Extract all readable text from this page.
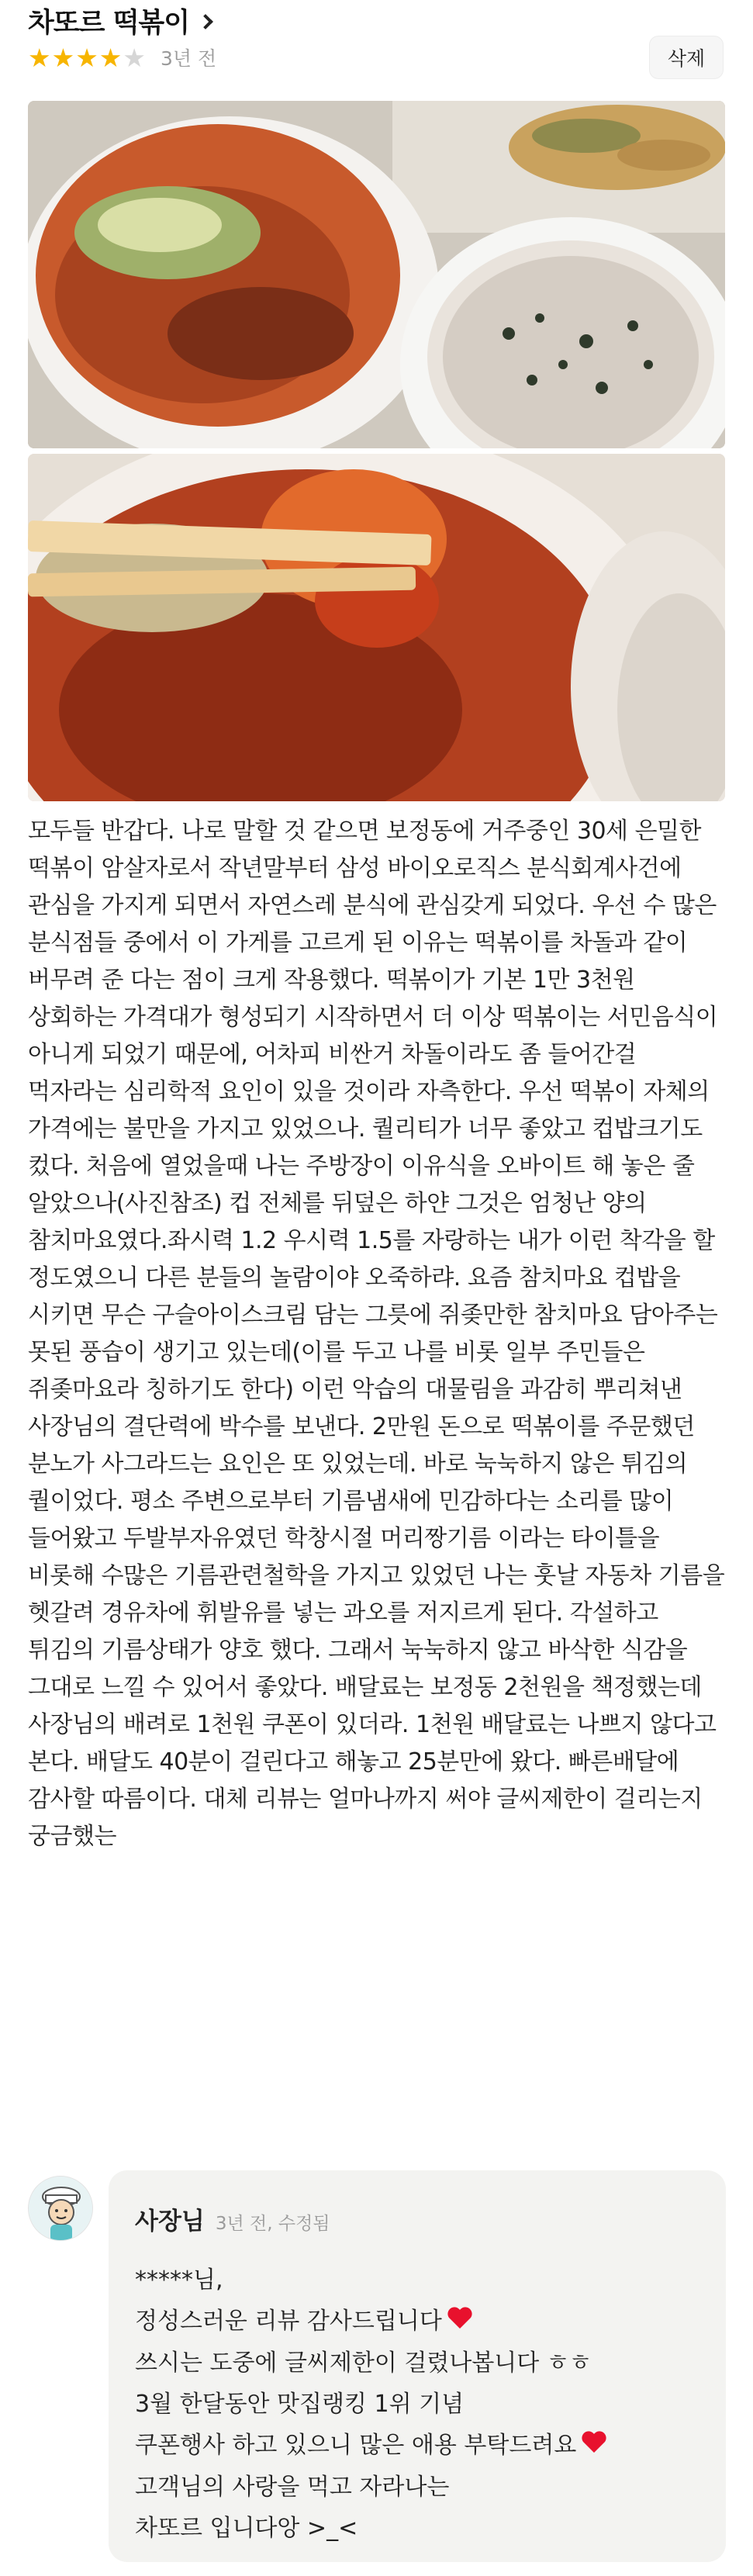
차또르 떡볶이
★★★★★ 3년 전	삭제
모두들 반갑다. 나로 말할 것 같으면 보정동에 거주중인 30세 은밀한 떡볶이 암살자로서 작년말부터 삼성 바이오로직스 분식회계사건에 관심을 가지게 되면서 자연스레 분식에 관심갖게 되었다. 우선 수 많은 분식점들 중에서 이 가게를 고르게 된 이유는 떡볶이를 차돌과 같이 버무려 준 다는 점이 크게 작용했다. 떡볶이가 기본 1만 3천원 상회하는 가격대가 형성되기 시작하면서 더 이상 떡볶이는 서민음식이 아니게 되었기 때문에, 어차피 비싼거 차돌이라도 좀 들어간걸 먹자라는 심리학적 요인이 있을 것이라 자측한다. 우선 떡볶이 자체의 가격에는 불만을 가지고 있었으나. 퀄리티가 너무 좋았고 컵밥크기도 컸다. 처음에 열었을때 나는 주방장이 이유식을 오바이트 해 놓은 줄 알았으나(사진참조) 컵 전체를 뒤덮은 하얀 그것은 엄청난 양의 참치마요였다.좌시력 1.2 우시력 1.5를 자랑하는 내가 이런 착각을 할 정도였으니 다른 분들의 놀람이야 오죽하랴. 요즘 참치마요 컵밥을 시키면 무슨 구슬아이스크림 담는 그릇에 쥐좆만한 참치마요 담아주는 못된 풍습이 생기고 있는데(이를 두고 나를 비롯 일부 주민들은 쥐좆마요라 칭하기도 한다) 이런 악습의 대물림을 과감히 뿌리쳐낸 사장님의 결단력에 박수를 보낸다. 2만원 돈으로 떡볶이를 주문했던 분노가 사그라드는 요인은 또 있었는데. 바로 눅눅하지 않은 튀김의 퀄이었다. 평소 주변으로부터 기름냄새에 민감하다는 소리를 많이 들어왔고 두발부자유였던 학창시절 머리짱기름 이라는 타이틀을 비롯해 수많은 기름관련철학을 가지고 있었던 나는 훗날 자동차 기름을 헷갈려 경유차에 휘발유를 넣는 과오를 저지르게 된다. 각설하고 튀김의 기름상태가 양호 했다. 그래서 눅눅하지 않고 바삭한 식감을 그대로 느낄 수 있어서 좋았다. 배달료는 보정동 2천원을 책정했는데 사장님의 배려로 1천원 쿠폰이 있더라. 1천원 배달료는 나쁘지 않다고 본다. 배달도 40분이 걸린다고 해놓고 25분만에 왔다. 빠른배달에 감사할 따름이다. 대체 리뷰는 얼마나까지 써야 글씨제한이 걸리는지 궁금했는
사장님 3년 전, 수정됨
*****님,
정성스러운 리뷰 감사드립니다
쓰시는 도중에 글씨제한이 걸렸나봅니다 ㅎㅎ
3월 한달동안 맛집랭킹 1위 기념
쿠폰행사 하고 있으니 많은 애용 부탁드려요
고객님의 사랑을 먹고 자라나는
차또르 입니다앙 >_<
